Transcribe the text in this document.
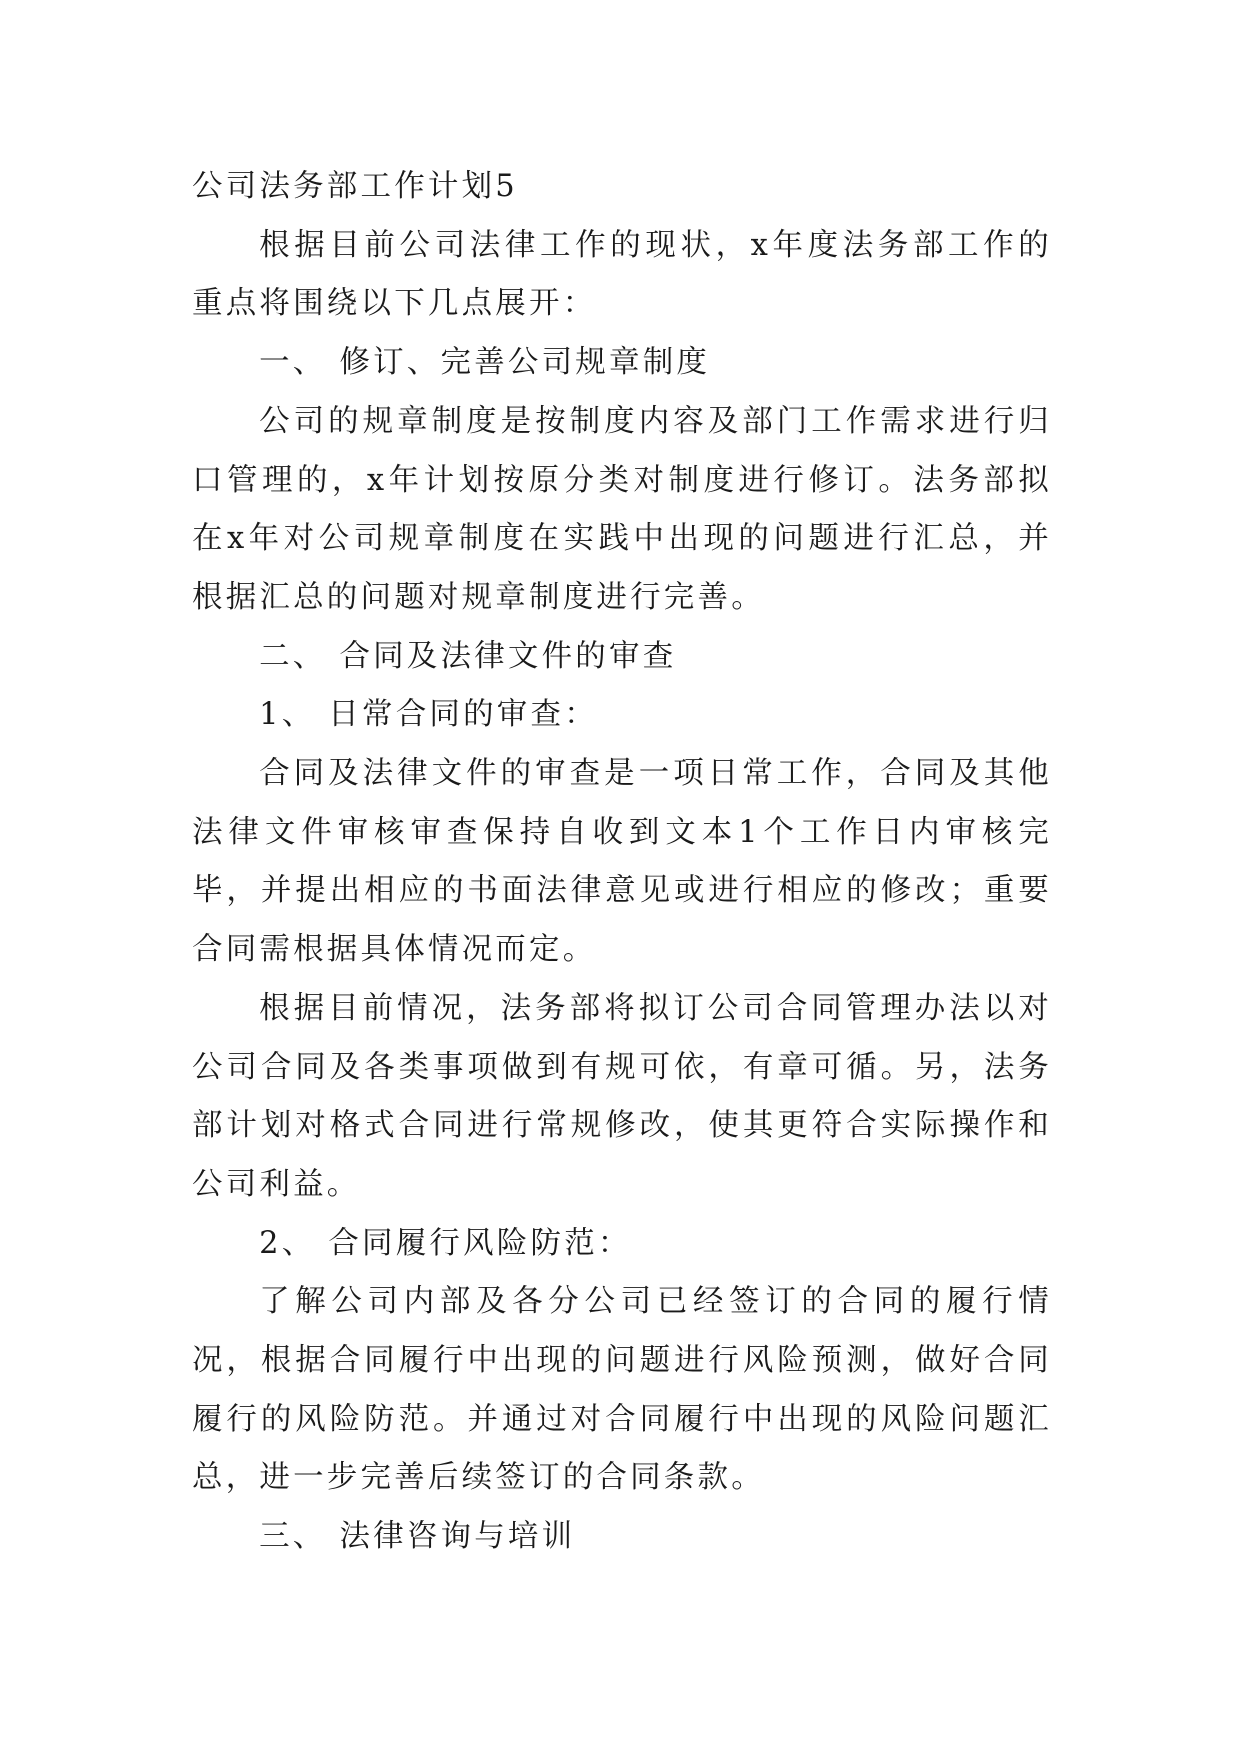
公司法务部工作计划5

根据目前公司法律工作的现状，x年度法务部工作的重点将围绕以下几点展开：

一、 修订、完善公司规章制度

公司的规章制度是按制度内容及部门工作需求进行归口管理的，x年计划按原分类对制度进行修订。法务部拟在x年对公司规章制度在实践中出现的问题进行汇总，并根据汇总的问题对规章制度进行完善。

二、 合同及法律文件的审查

1、 日常合同的审查：

合同及法律文件的审查是一项日常工作，合同及其他法律文件审核审查保持自收到文本1个工作日内审核完毕，并提出相应的书面法律意见或进行相应的修改；重要合同需根据具体情况而定。

根据目前情况，法务部将拟订公司合同管理办法以对公司合同及各类事项做到有规可依，有章可循。另，法务部计划对格式合同进行常规修改，使其更符合实际操作和公司利益。

2、 合同履行风险防范：

了解公司内部及各分公司已经签订的合同的履行情况，根据合同履行中出现的问题进行风险预测，做好合同履行的风险防范。并通过对合同履行中出现的风险问题汇总，进一步完善后续签订的合同条款。

三、 法律咨询与培训
